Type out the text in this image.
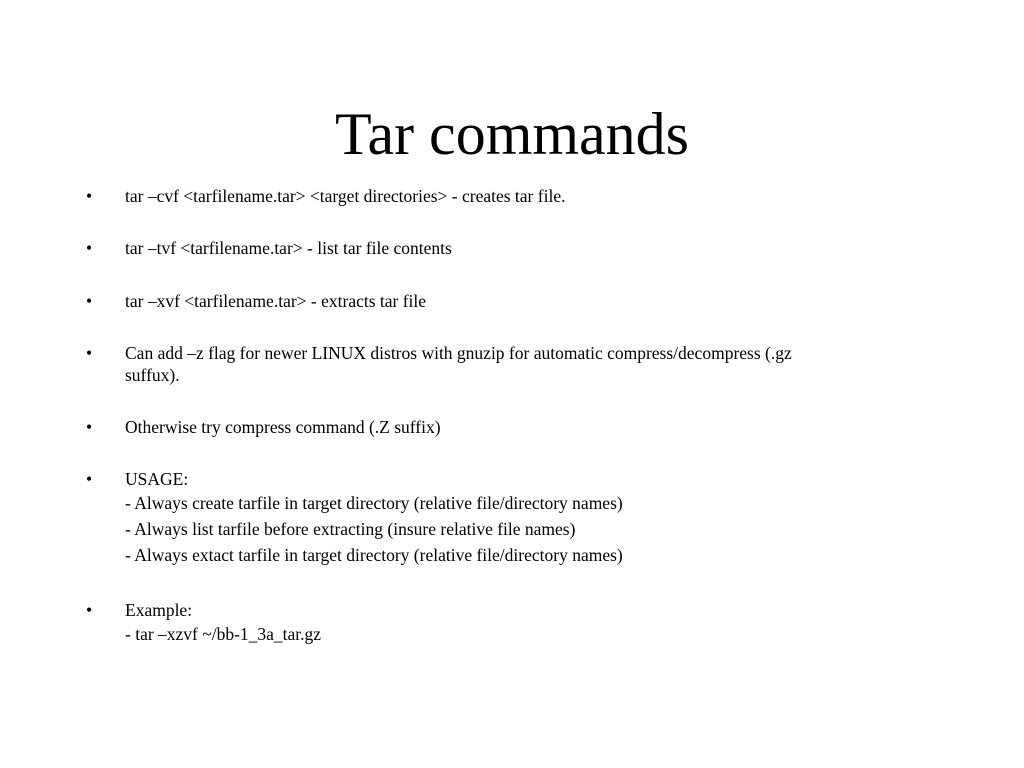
Tar commands
•	tar –cvf <tarfilename.tar> <target directories> - creates tar file.
•	tar –tvf <tarfilename.tar> - list tar file contents
•	tar –xvf <tarfilename.tar> - extracts tar file
•	Can add –z flag for newer LINUX distros with gnuzip for automatic compress/decompress (.gz
suffux).
•	Otherwise try compress command (.Z suffix)
•	USAGE:
- Always create tarfile in target directory (relative file/directory names)
- Always list tarfile before extracting (insure relative file names)
- Always extact tarfile in target directory (relative file/directory names)
•	Example:
- tar –xzvf ~/bb-1_3a_tar.gz
